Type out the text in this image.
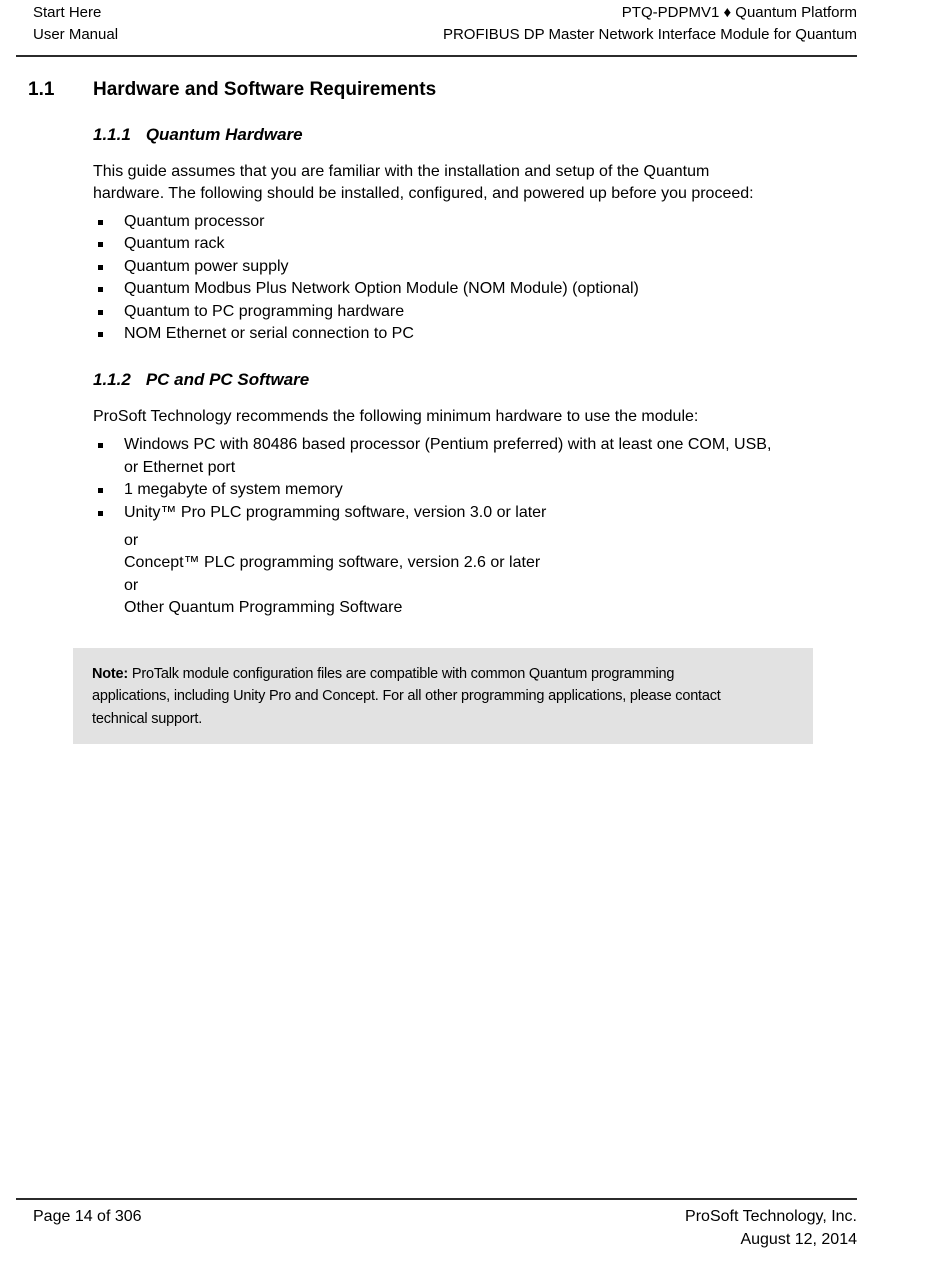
Start Here
User Manual
PTQ-PDPMV1 ♦ Quantum Platform
PROFIBUS DP Master Network Interface Module for Quantum
1.1	Hardware and Software Requirements
1.1.1 Quantum Hardware

This guide assumes that you are familiar with the installation and setup of the Quantum hardware. The following should be installed, configured, and powered up before you proceed:

Quantum processor
Quantum rack
Quantum power supply
Quantum Modbus Plus Network Option Module (NOM Module) (optional)
Quantum to PC programming hardware
NOM Ethernet or serial connection to PC
1.1.2 PC and PC Software

ProSoft Technology recommends the following minimum hardware to use the module:

Windows PC with 80486 based processor (Pentium preferred) with at least one COM, USB, or Ethernet port
1 megabyte of system memory
Unity™ Pro PLC programming software, version 3.0 or later
or
Concept™ PLC programming software, version 2.6 or later
or
Other Quantum Programming Software
Note: ProTalk module configuration files are compatible with common Quantum programming applications, including Unity Pro and Concept. For all other programming applications, please contact technical support.
Page 14 of 306	ProSoft Technology, Inc.
August 12, 2014
